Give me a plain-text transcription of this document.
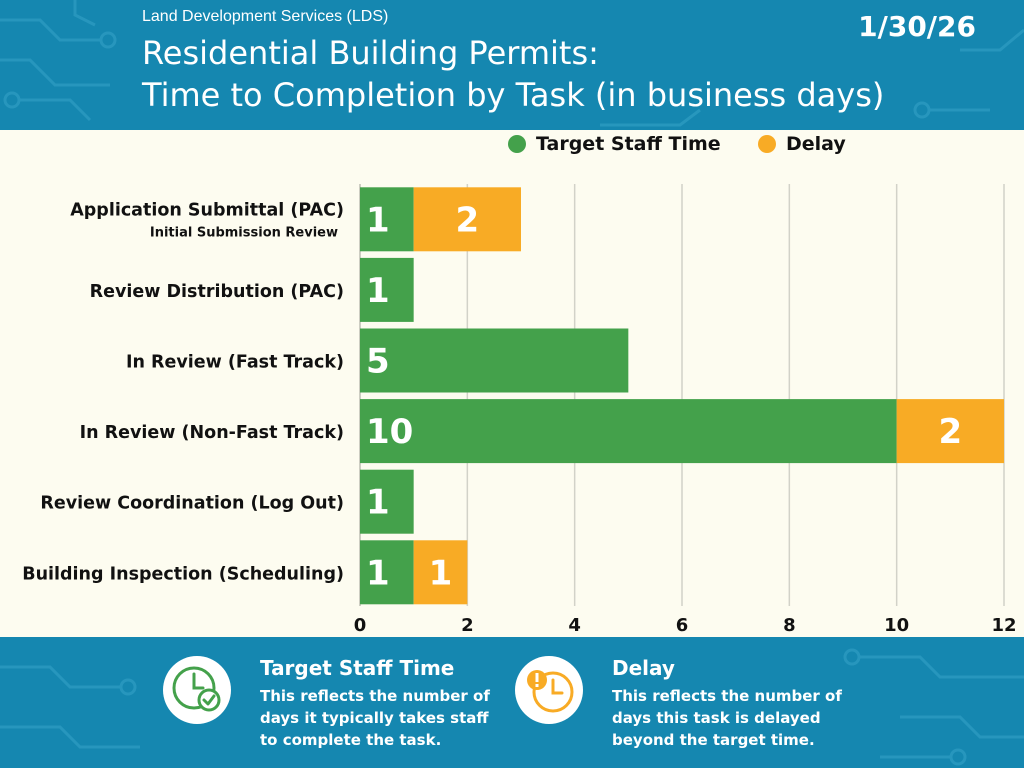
Land Development Services (LDS)
Residential Building Permits:
Time to Completion by Task (in business days)
1/30/26
Target Staff Time	Delay
0	2	4	6	8	10	12
1 2
Application Submittal (PAC)
Initial Submission Review
1
Review Distribution (PAC)
5
In Review (Fast Track)
10	2
In Review (Non-Fast Track)
1
Review Coordination (Log Out)
1 1
Building Inspection (Scheduling)
Target Staff Time
This reflects the number of days it typically takes staff to complete the task.
Delay
This reflects the number of days this task is delayed beyond the target time.
